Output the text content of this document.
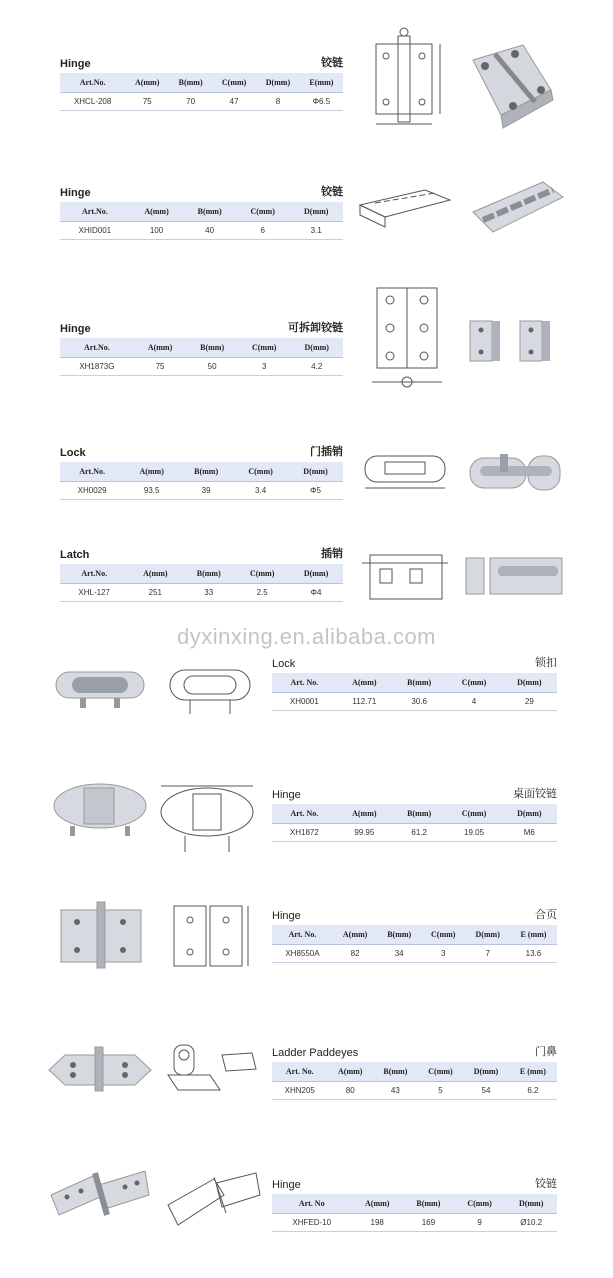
Hinge	铰链
Art.No.	A(mm)	B(mm)	C(mm)	D(mm)	E(mm)
XHCL-208	75	70	47	8	Φ6.5
Hinge	铰链
Art.No.	A(mm)	B(mm)	C(mm)	D(mm)
XHID001	100	40	6	3.1
Hinge	可拆卸铰链
Art.No.	A(mm)	B(mm)	C(mm)	D(mm)
XH1873G	75	50	3	4.2
Lock	门插销
Art.No.	A(mm)	B(mm)	C(mm)	D(mm)
XH0029	93.5	39	3.4	Φ5
Latch	插销
Art.No.	A(mm)	B(mm)	C(mm)	D(mm)
XHL-127	251	33	2.5	Φ4
dyxinxing.en.alibaba.com
Lock	锁扣
Art. No.	A(mm)	B(mm)	C(mm)	D(mm)
XH0001	112.71	30.6	4	29
Hinge	桌面铰链
Art. No.	A(mm)	B(mm)	C(mm)	D(mm)
XH1872	99.95	61.2	19.05	M6
Hinge	合页
Art. No.	A(mm)	B(mm)	C(mm)	D(mm)	E (mm)
XH8550A	82	34	3	7	13.6
Ladder Paddeyes	门鼻
Art. No.	A(mm)	B(mm)	C(mm)	D(mm)	E (mm)
XHN205	80	43	5	54	6.2
Hinge	铰链
Art. No	A(mm)	B(mm)	C(mm)	D(mm)
XHFED-10	198	169	9	Ø10.2
